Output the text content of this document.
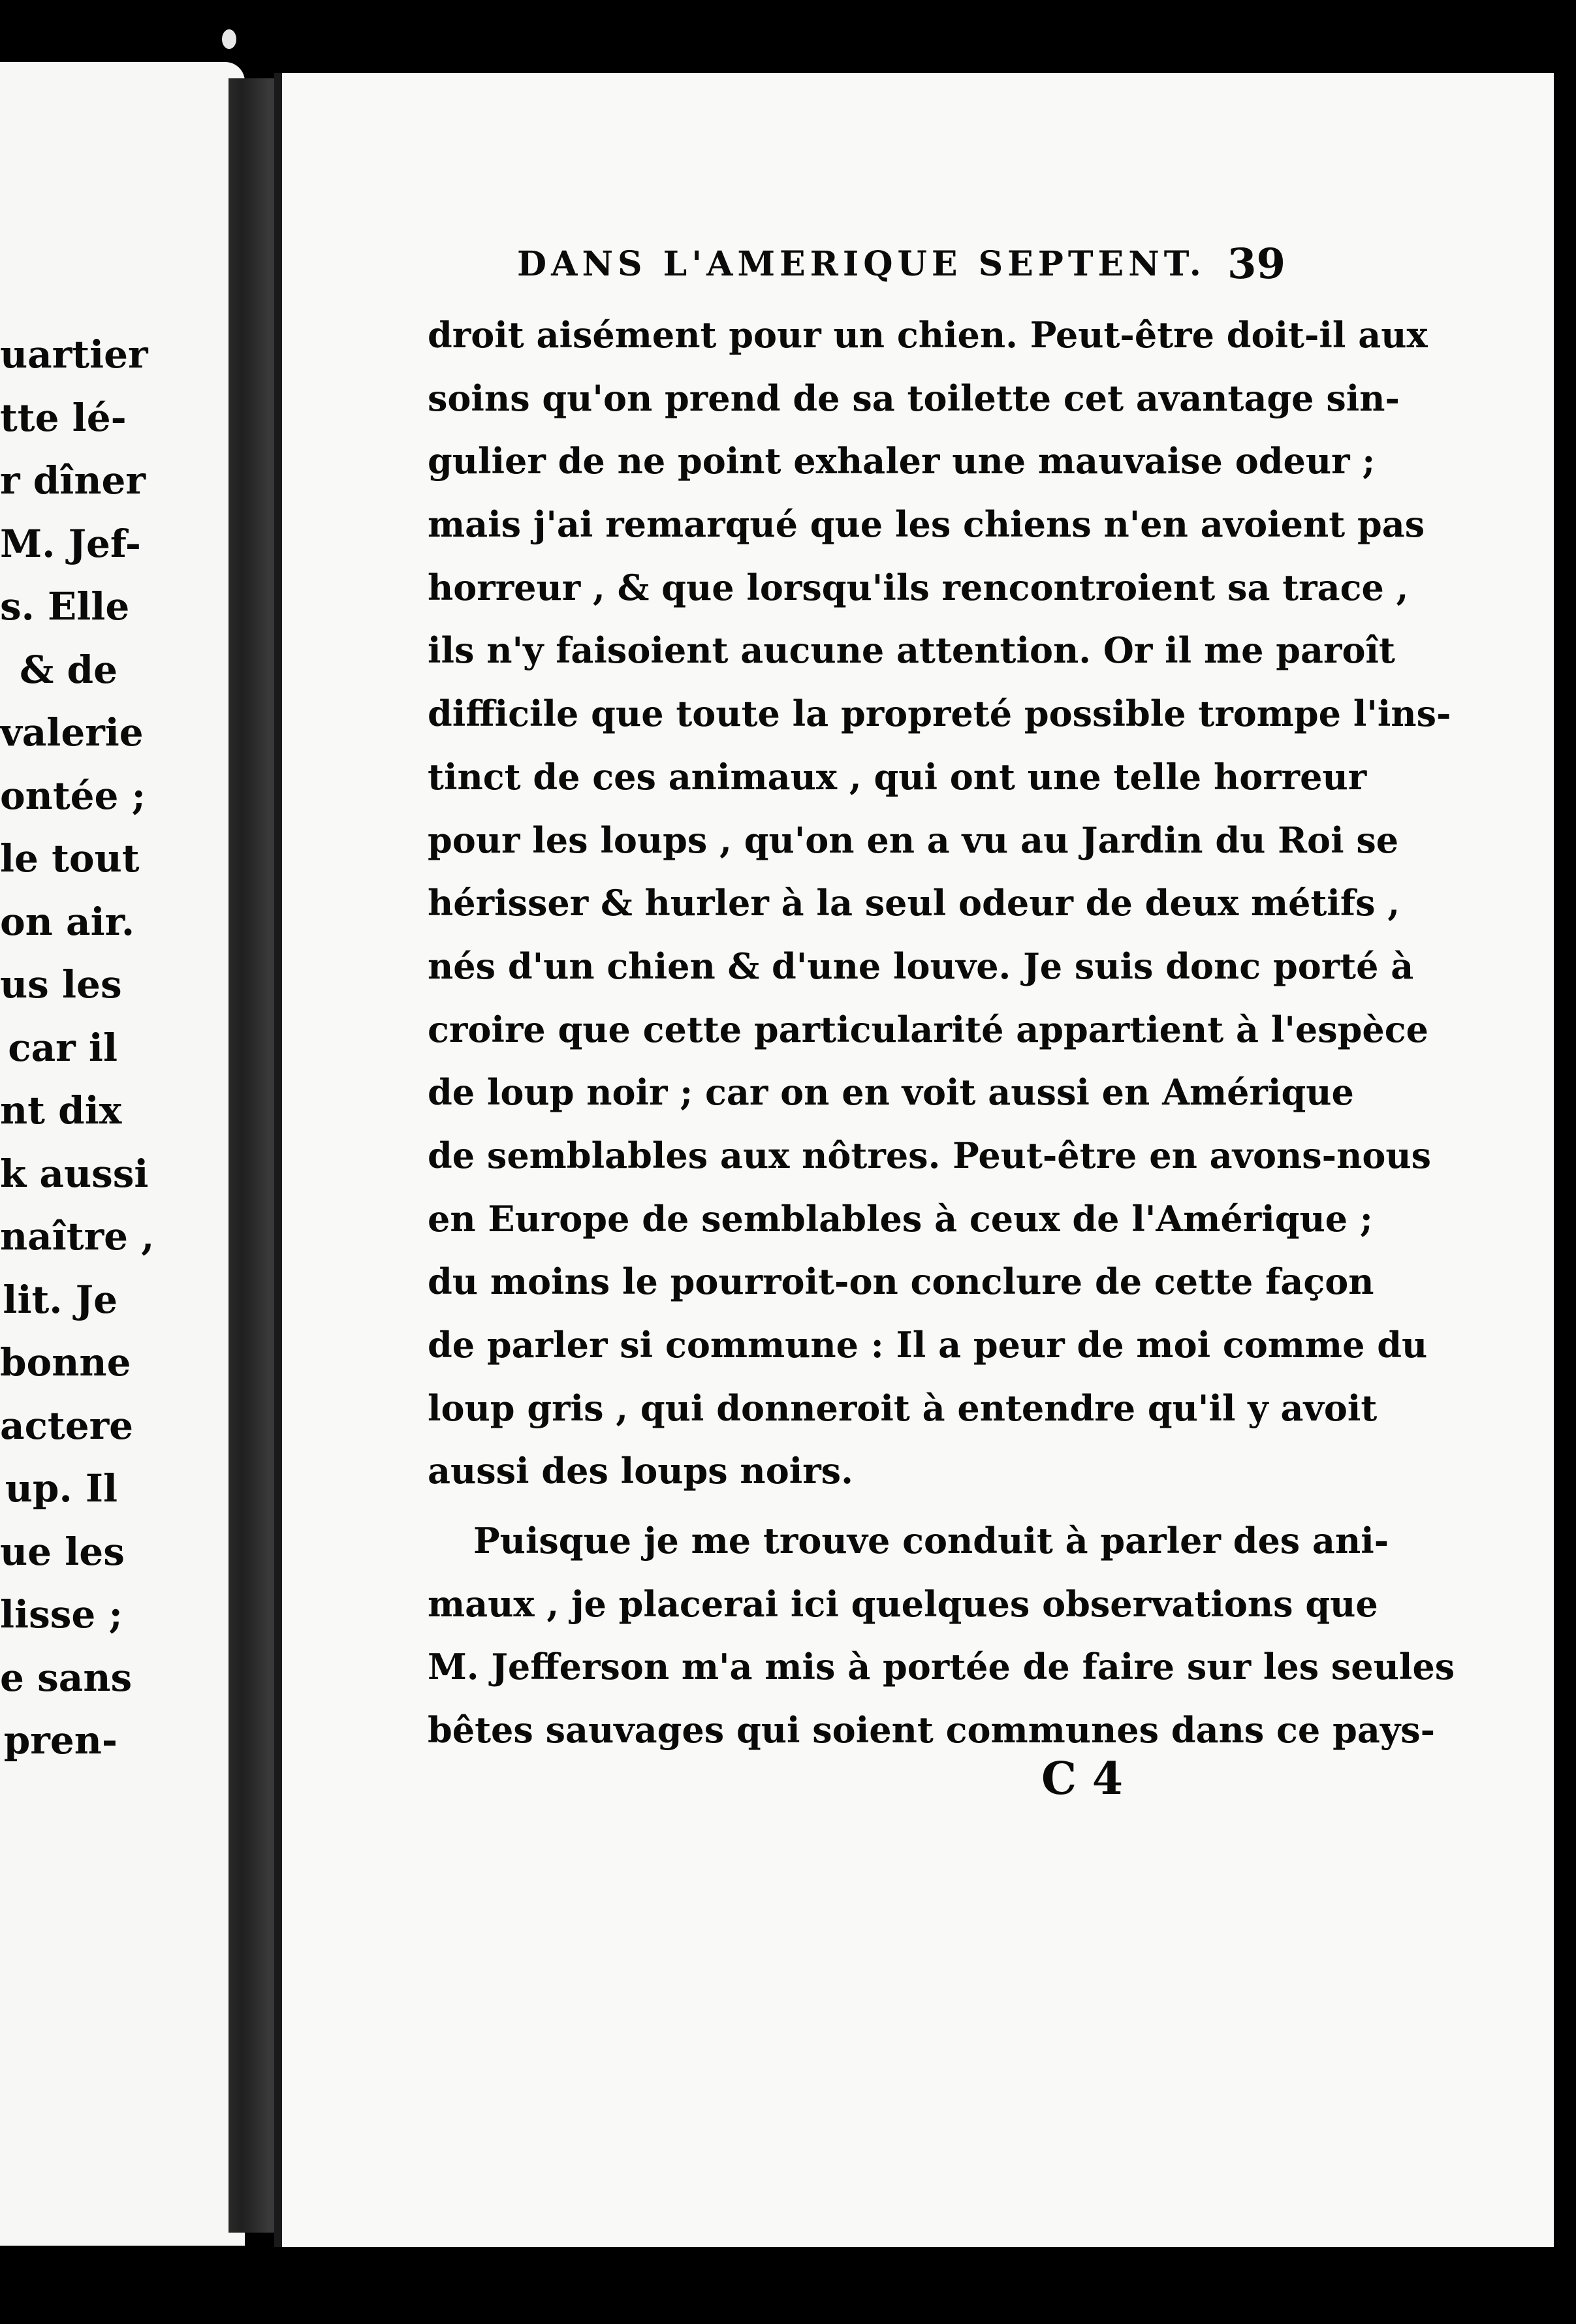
uartier
tte lé-
r dîner
M. Jef-
s. Elle
& de
valerie
ontée ;
le tout
on air.
us les
car il
nt dix
k aussi
naître ,
lit. Je
bonne
actere
up. Il
ue les
lisse ;
e sans
pren-
DANS L'AMERIQUE SEPTENT. 39
droit aisément pour un chien. Peut-être doit-il aux
soins qu'on prend de sa toilette cet avantage sin-
gulier de ne point exhaler une mauvaise odeur ;
mais j'ai remarqué que les chiens n'en avoient pas
horreur , & que lorsqu'ils rencontroient sa trace ,
ils n'y faisoient aucune attention. Or il me paroît
difficile que toute la propreté possible trompe l'ins-
tinct de ces animaux , qui ont une telle horreur
pour les loups , qu'on en a vu au Jardin du Roi se
hérisser & hurler à la seul odeur de deux métifs ,
nés d'un chien & d'une louve. Je suis donc porté à
croire que cette particularité appartient à l'espèce
de loup noir ; car on en voit aussi en Amérique
de semblables aux nôtres. Peut-être en avons-nous
en Europe de semblables à ceux de l'Amérique ;
du moins le pourroit-on conclure de cette façon
de parler si commune : Il a peur de moi comme du
loup gris , qui donneroit à entendre qu'il y avoit
aussi des loups noirs.
Puisque je me trouve conduit à parler des ani-
maux , je placerai ici quelques observations que
M. Jefferson m'a mis à portée de faire sur les seules
bêtes sauvages qui soient communes dans ce pays-
C 4
